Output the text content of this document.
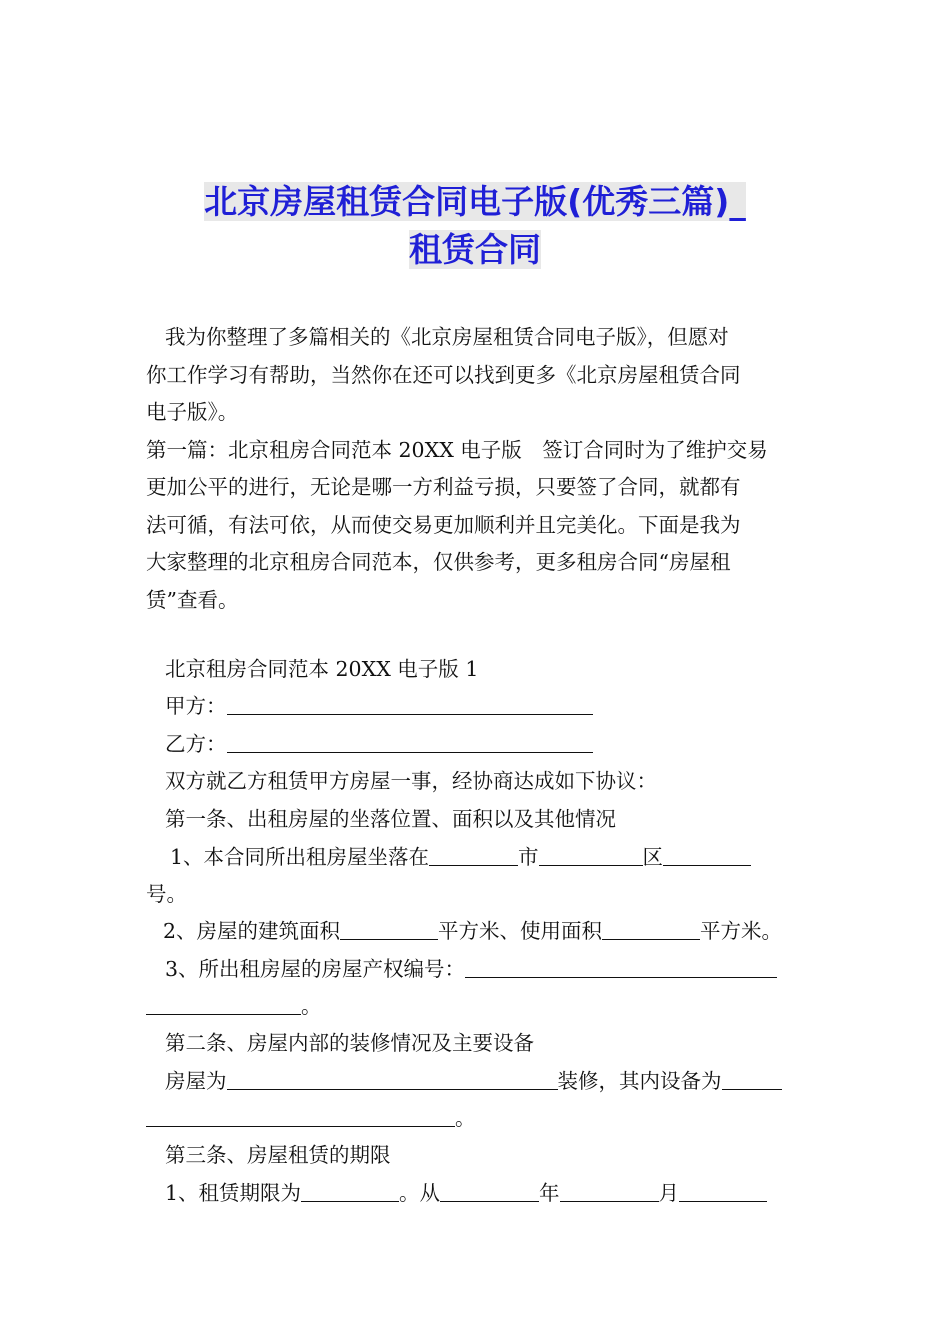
北京房屋租赁合同电子版(优秀三篇)_
租赁合同
我为你整理了多篇相关的《北京房屋租赁合同电子版》，但愿对
你工作学习有帮助，当然你在还可以找到更多《北京房屋租赁合同
电子版》。
第一篇：北京租房合同范本 20XX 电子版　签订合同时为了维护交易
更加公平的进行，无论是哪一方利益亏损，只要签了合同，就都有
法可循，有法可依，从而使交易更加顺利并且完美化。下面是我为
大家整理的北京租房合同范本，仅供参考，更多租房合同“房屋租
赁”查看。
北京租房合同范本 20XX 电子版 1
甲方：
乙方：
双方就乙方租赁甲方房屋一事，经协商达成如下协议：
第一条、出租房屋的坐落位置、面积以及其他情况
1、本合同所出租房屋坐落在	市	区
号。
2、房屋的建筑面积	平方米、使用面积	平方米。
3、所出租房屋的房屋产权编号：
。
第二条、房屋内部的装修情况及主要设备
房屋为	装修，其内设备为
。
第三条、房屋租赁的期限
1、租赁期限为	。从	年	月
